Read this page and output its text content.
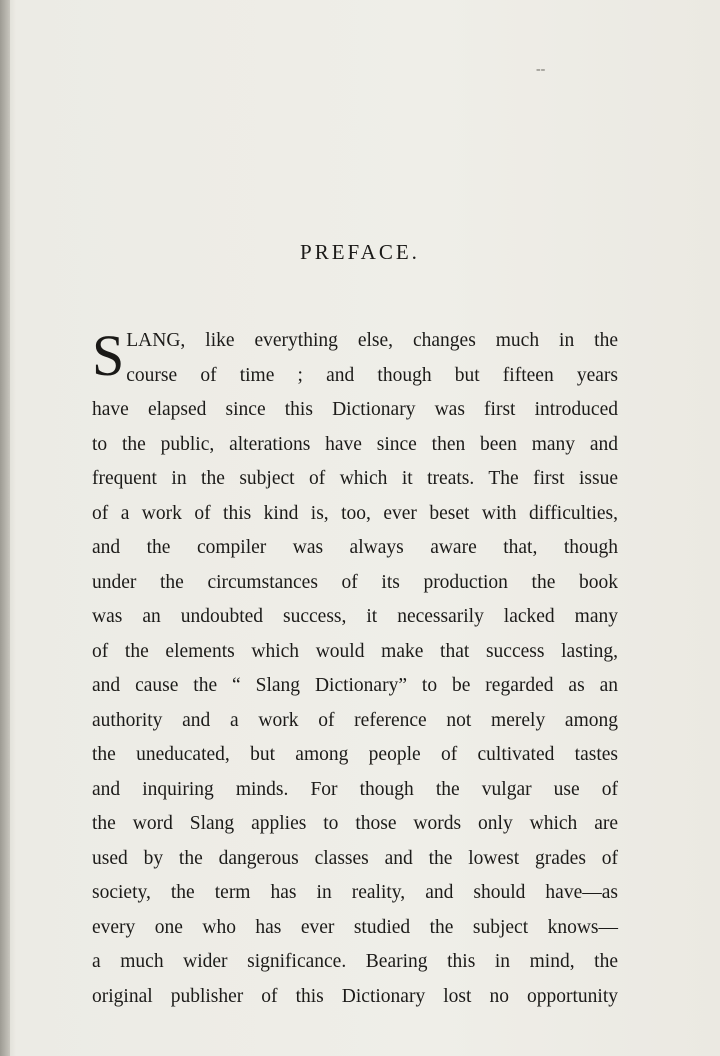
--
PREFACE.
S LANG, like everything else, changes much in the
course of time ; and though but fifteen years
have elapsed since this Dictionary was first introduced
to the public, alterations have since then been many and
frequent in the subject of which it treats. The first issue
of a work of this kind is, too, ever beset with difficulties,
and the compiler was always aware that, though
under the circumstances of its production the book
was an undoubted success, it necessarily lacked many
of the elements which would make that success lasting,
and cause the “ Slang Dictionary” to be regarded as an
authority and a work of reference not merely among
the uneducated, but among people of cultivated tastes
and inquiring minds. For though the vulgar use of
the word Slang applies to those words only which are
used by the dangerous classes and the lowest grades of
society, the term has in reality, and should have—as
every one who has ever studied the subject knows—
a much wider significance. Bearing this in mind, the
original publisher of this Dictionary lost no opportunity
